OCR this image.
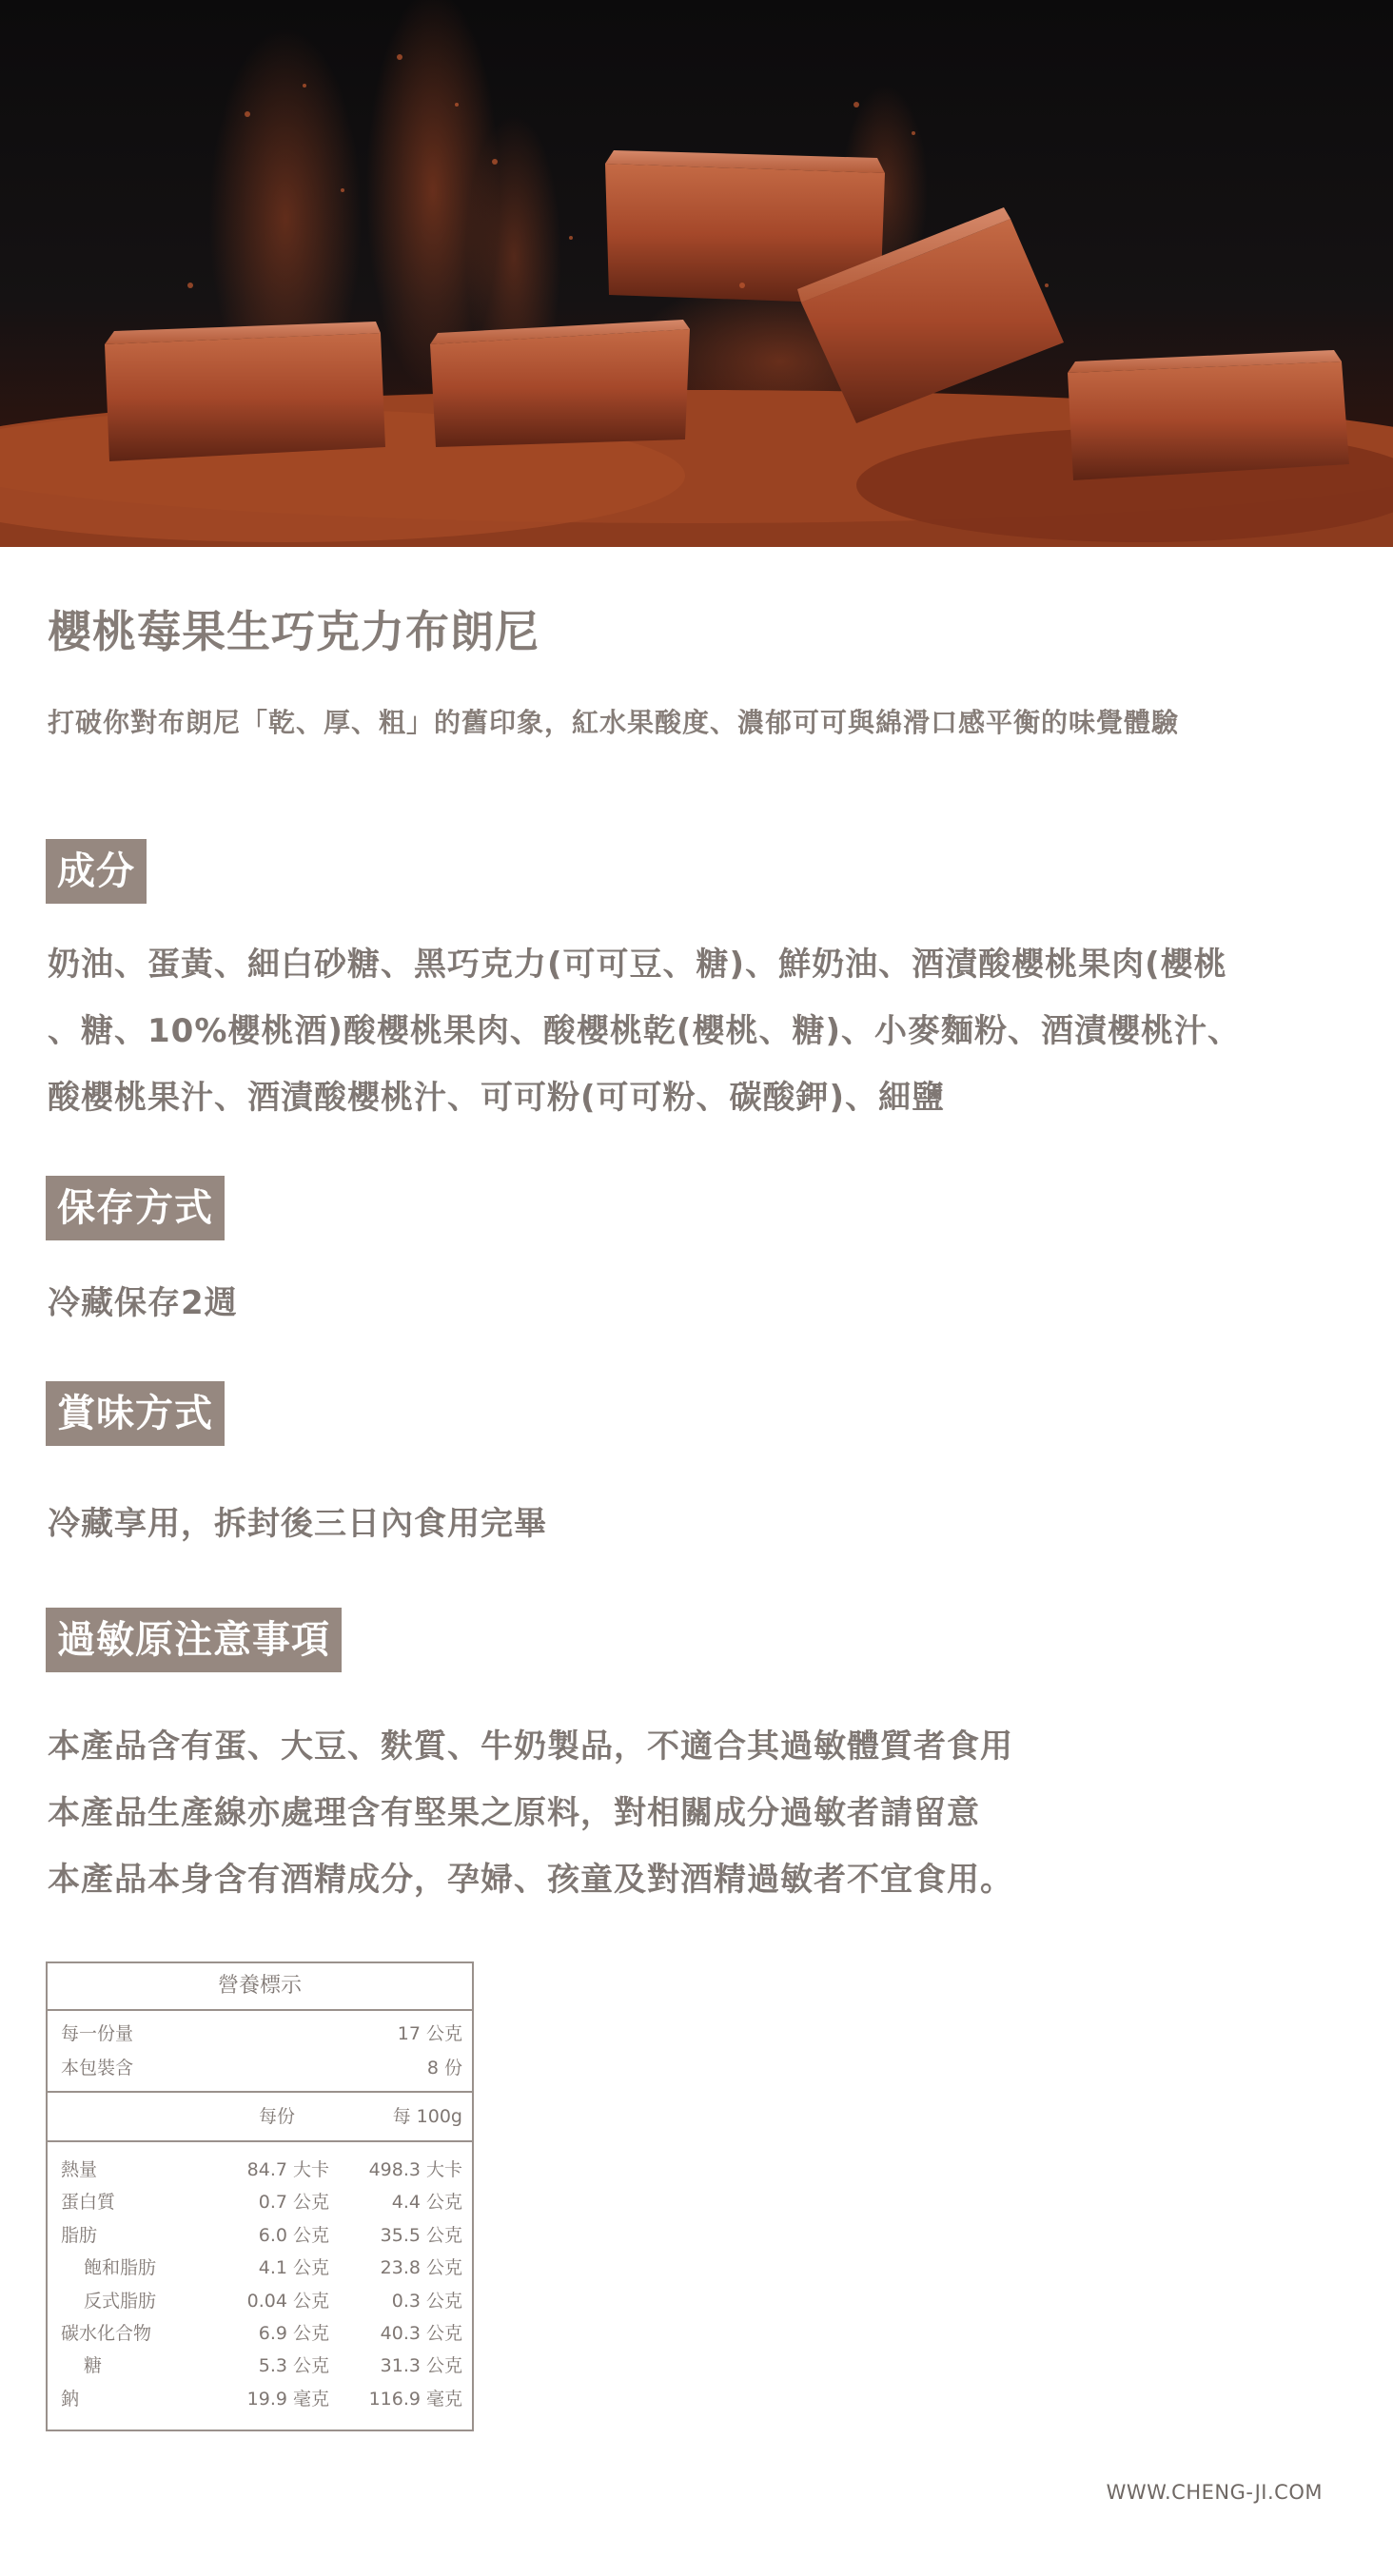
櫻桃莓果生巧克力布朗尼

打破你對布朗尼「乾、厚、粗」的舊印象，紅水果酸度、濃郁可可與綿滑口感平衡的味覺體驗

成分

奶油、蛋黃、細白砂糖、黑巧克力(可可豆、糖)、鮮奶油、酒漬酸櫻桃果肉(櫻桃

、糖、10%櫻桃酒)酸櫻桃果肉、酸櫻桃乾(櫻桃、糖)、小麥麵粉、酒漬櫻桃汁、

酸櫻桃果汁、酒漬酸櫻桃汁、可可粉(可可粉、碳酸鉀)、細鹽

保存方式

冷藏保存2週

賞味方式

冷藏享用，拆封後三日內食用完畢

過敏原注意事項

本產品含有蛋、大豆、麩質、牛奶製品，不適合其過敏體質者食用

本產品生產線亦處理含有堅果之原料，對相關成分過敏者請留意

本產品本身含有酒精成分，孕婦、孩童及對酒精過敏者不宜食用。

營養標示
每一份量	17 公克
本包裝含	8 份
每份	每 100g
熱量	84.7 大卡 498.3 大卡
蛋白質	0.7 公克	4.4 公克
脂肪	6.0 公克	35.5 公克
飽和脂肪	4.1 公克	23.8 公克
反式脂肪	0.04 公克	0.3 公克
碳水化合物	6.9 公克	40.3 公克
糖	5.3 公克	31.3 公克
鈉	19.9 毫克 116.9 毫克

WWW.CHENG-JI.COM
